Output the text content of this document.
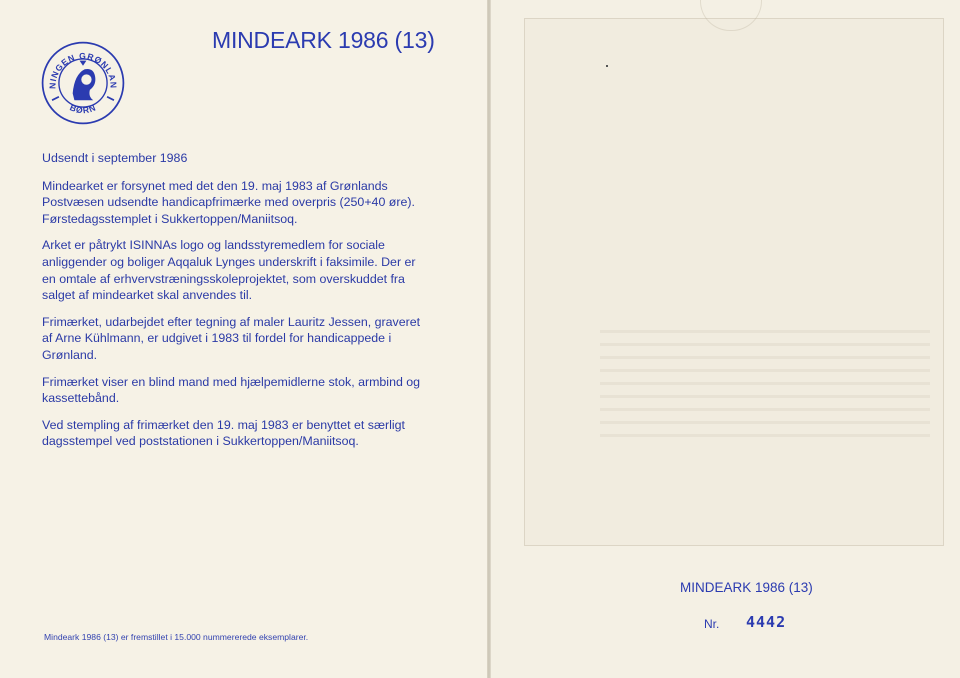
NINGEN GRØNLAN
BØRN
MINDEARK 1986 (13)

Udsendt i september 1986

Mindearket er forsynet med det den 19. maj 1983 af Grønlands Postvæsen udsendte handicapfrimærke med overpris (250+40 øre). Førstedagsstemplet i Sukkertoppen/Maniitsoq.

Arket er påtrykt ISINNAs logo og landsstyremedlem for sociale anliggender og boliger Aqqaluk Lynges underskrift i faksimile. Der er en omtale af erhvervstræningsskoleprojektet, som overskuddet fra salget af mindearket skal anvendes til.

Frimærket, udarbejdet efter tegning af maler Lauritz Jessen, graveret af Arne Kühlmann, er udgivet i 1983 til fordel for handicappede i Grønland.

Frimærket viser en blind mand med hjælpemidlerne stok, armbind og kassettebånd.

Ved stempling af frimærket den 19. maj 1983 er benyttet et særligt dagsstempel ved poststationen i Sukkertoppen/Maniitsoq.

Mindeark 1986 (13) er fremstillet i 15.000 nummererede eksemplarer.
MINDEARK 1986 (13)
Nr. 4442
